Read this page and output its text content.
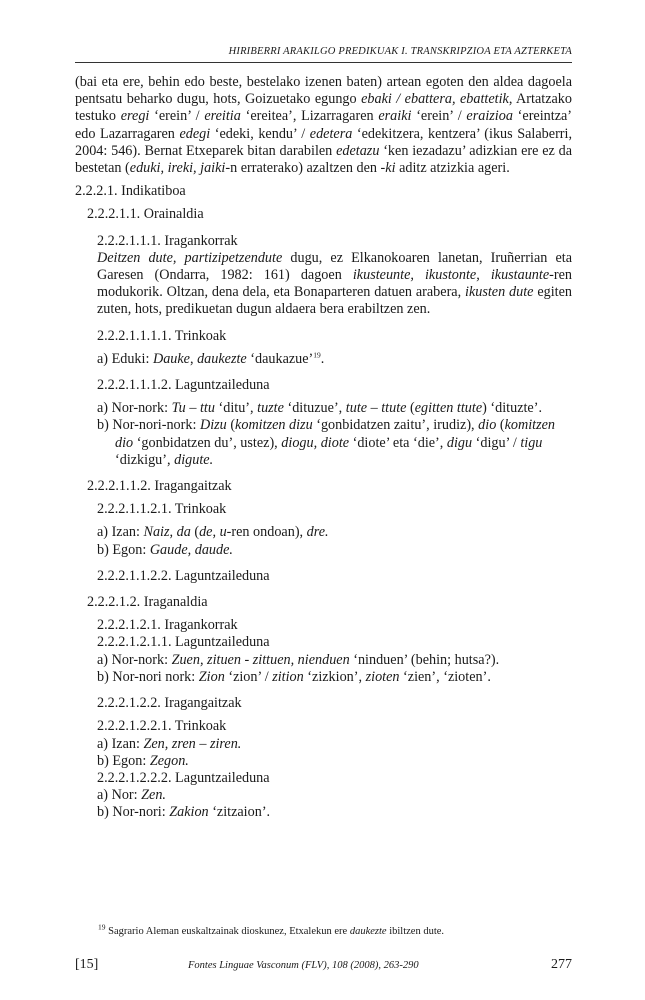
HIRIBERRI ARAKILGO PREDIKUAK I. TRANSKRIPZIOA ETA AZTERKETA

(bai eta ere, behin edo beste, bestelako izenen baten) artean egoten den aldea dagoela pentsatu beharko dugu, hots, Goizuetako egungo ebaki / ebattera, ebattetik, Artatzako testuko eregi ‘erein’ / ereitia ‘ereitea’, Lizarragaren eraiki ‘erein’ / eraizioa ‘ereintza’ edo Lazarragaren edegi ‘edeki, kendu’ / edetera ‘edekitzera, kentzera’ (ikus Salaberri, 2004: 546). Bernat Etxeparek bitan darabilen edetazu ‘ken iezadazu’ adizkian ere ez da bestetan (eduki, ireki, jaiki-n erraterako) azaltzen den -ki aditz atzizkia ageri.

2.2.2.1. Indikatiboa
2.2.2.1.1. Orainaldia
2.2.2.1.1.1. Iragankorrak

Deitzen dute, partizipetzendute dugu, ez Elkanokoaren lanetan, Iruñerrian eta Garesen (Ondarra, 1982: 161) dagoen ikusteunte, ikustonte, ikustaunte-ren modukorik. Oltzan, dena dela, eta Bonaparteren datuen arabera, ikusten dute egiten zuten, hots, predikuetan dugun aldaera bera erabiltzen zen.

2.2.2.1.1.1.1. Trinkoak
a) Eduki: Dauke, daukezte ‘daukazue’$^{19}$.
2.2.2.1.1.1.2. Laguntzaileduna
a) Nor-nork: Tu – ttu ‘ditu’, tuzte ‘dituzue’, tute – ttute (egitten ttute) ‘dituzte’.
b) Nor-nori-nork: Dizu (komitzen dizu ‘gonbidatzen zaitu’, irudiz), dio (komitzen dio ‘gonbidatzen du’, ustez), diogu, diote ‘diote’ eta ‘die’, digu ‘digu’ / tigu ‘dizkigu’, digute.
2.2.2.1.1.2. Iragangaitzak
2.2.2.1.1.2.1. Trinkoak
a) Izan: Naiz, da (de, u-ren ondoan), dre.
b) Egon: Gaude, daude.
2.2.2.1.1.2.2. Laguntzaileduna
2.2.2.1.2. Iraganaldia
2.2.2.1.2.1. Iragankorrak
2.2.2.1.2.1.1. Laguntzaileduna
a) Nor-nork: Zuen, zituen - zittuen, nienduen ‘ninduen’ (behin; hutsa?).
b) Nor-nori nork: Zion ‘zion’ / zition ‘zizkion’, zioten ‘zien’, ‘zioten’.
2.2.2.1.2.2. Iragangaitzak
2.2.2.1.2.2.1. Trinkoak
a) Izan: Zen, zren – ziren.
b) Egon: Zegon.
2.2.2.1.2.2.2. Laguntzaileduna
a) Nor: Zen.
b) Nor-nori: Zakion ‘zitzaion’.
$^{19}$ Sagrario Aleman euskaltzainak dioskunez, Etxalekun ere daukezte ibiltzen dute.
[15]	Fontes Linguae Vasconum (FLV), 108 (2008), 263-290	277
